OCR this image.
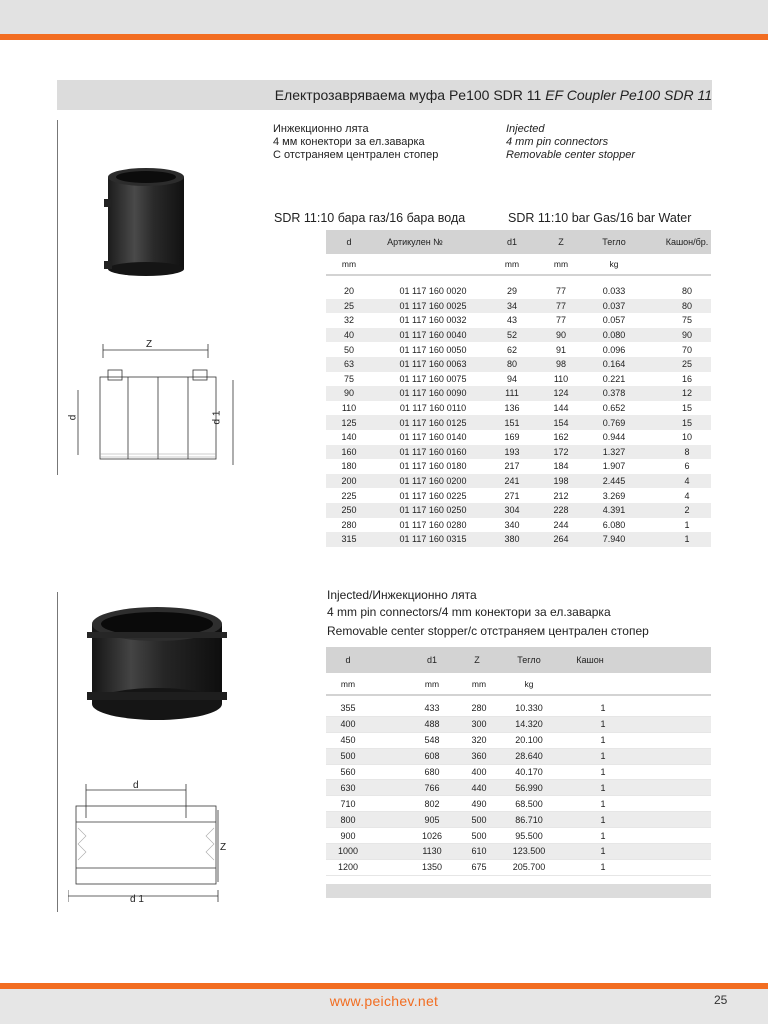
Електрозавряваема муфа Pe100 SDR 11 EF Coupler Pe100 SDR 11
Z
d	d 1
Инжекционно лята
4 мм конектори за ел.заварка
С отстраняем централен стопер
Injected
4 mm pin connectors
Removable center stopper
SDR 11:10 бара газ/16 бара вода	SDR 11:10 bar Gas/16 bar Water
d	Артикулен №	d1	Z	Тегло	Кашон/бр.
mm	mm	mm	kg
20	01 117 160 0020	29	77	0.033	80
25	01 117 160 0025	34	77	0.037	80
32	01 117 160 0032	43	77	0.057	75
40	01 117 160 0040	52	90	0.080	90
50	01 117 160 0050	62	91	0.096	70
63	01 117 160 0063	80	98	0.164	25
75	01 117 160 0075	94	110	0.221	16
90	01 117 160 0090	111	124	0.378	12
110	01 117 160 0110	136	144	0.652	15
125	01 117 160 0125	151	154	0.769	15
140	01 117 160 0140	169	162	0.944	10
160	01 117 160 0160	193	172	1.327	8
180	01 117 160 0180	217	184	1.907	6
200	01 117 160 0200	241	198	2.445	4
225	01 117 160 0225	271	212	3.269	4
250	01 117 160 0250	304	228	4.391	2
280	01 117 160 0280	340	244	6.080	1
315	01 117 160 0315	380	264	7.940	1
d
Z
d 1
Injected/Инжекционно лята
4 mm pin connectors/4 mm конектори за ел.заварка
Removable center stopper/с отстраняем централен стопер
d	d1	Z	Тегло	Кашон
mm	mm	mm	kg
355	433	280	10.330	1
400	488	300	14.320	1
450	548	320	20.100	1
500	608	360	28.640	1
560	680	400	40.170	1
630	766	440	56.990	1
710	802	490	68.500	1
800	905	500	86.710	1
900	1026	500	95.500	1
1000	1130	610	123.500	1
1200	1350	675	205.700	1
www.peichev.net	25
